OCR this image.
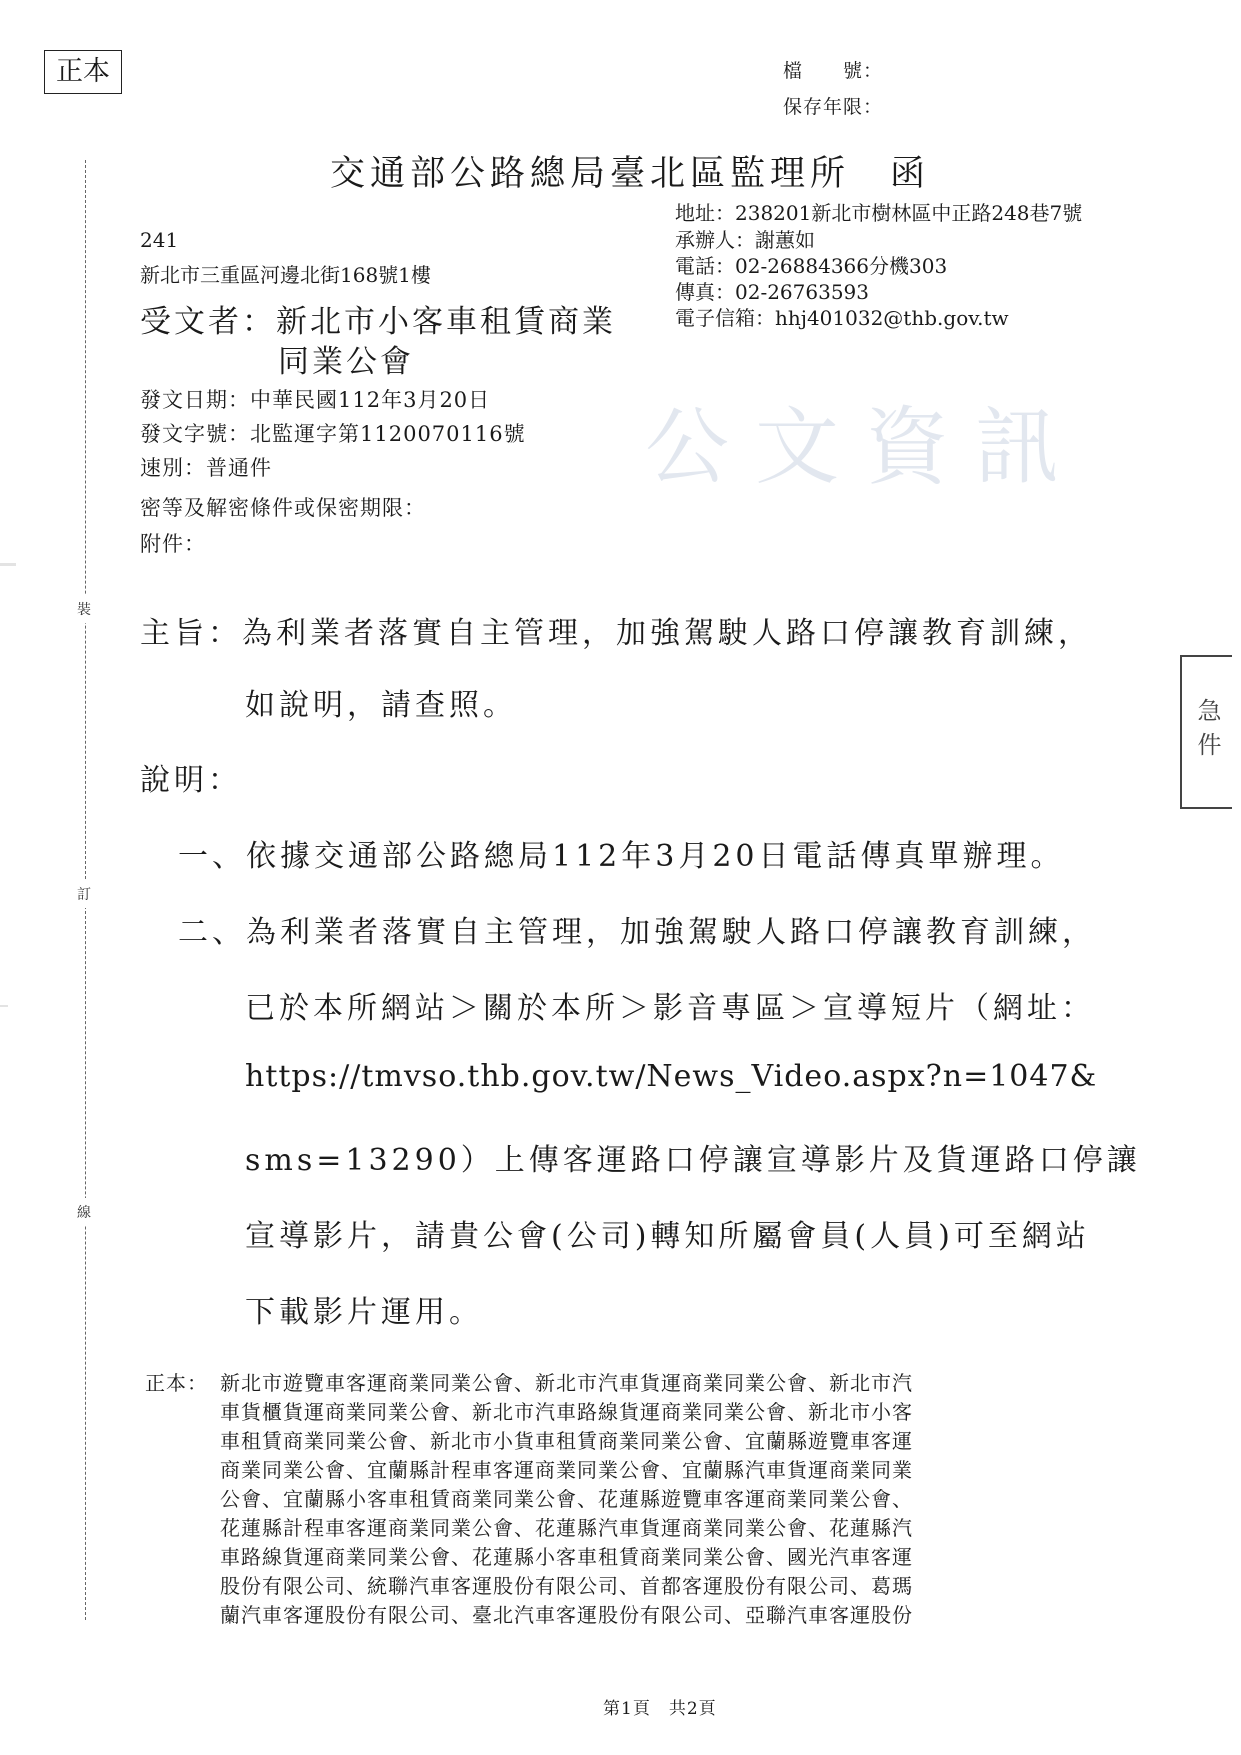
正本	檔　　號：
保存年限：
交通部公路總局臺北區監理所　函
裝
訂
線
地址：238201新北市樹林區中正路248巷7號
承辦人：謝蕙如
電話：02-26884366分機303
傳真：02-26763593
電子信箱：hhj401032@thb.gov.tw
241
新北市三重區河邊北街168號1樓
受文者：新北市小客車租賃商業
同業公會
公文資訊
發文日期：中華民國112年3月20日
發文字號：北監運字第1120070116號
速別：普通件
密等及解密條件或保密期限：
附件：
急件
主旨：為利業者落實自主管理，加強駕駛人路口停讓教育訓練，
如說明，請查照。
說明：
一、依據交通部公路總局112年3月20日電話傳真單辦理。
二、為利業者落實自主管理，加強駕駛人路口停讓教育訓練，
已於本所網站＞關於本所＞影音專區＞宣導短片（網址：
https://tmvso.thb.gov.tw/News_Video.aspx?n=1047&
sms=13290）上傳客運路口停讓宣導影片及貨運路口停讓
宣導影片，請貴公會(公司)轉知所屬會員(人員)可至網站
下載影片運用。
正本： 新北市遊覽車客運商業同業公會、新北市汽車貨運商業同業公會、新北市汽
車貨櫃貨運商業同業公會、新北市汽車路線貨運商業同業公會、新北市小客
車租賃商業同業公會、新北市小貨車租賃商業同業公會、宜蘭縣遊覽車客運
商業同業公會、宜蘭縣計程車客運商業同業公會、宜蘭縣汽車貨運商業同業
公會、宜蘭縣小客車租賃商業同業公會、花蓮縣遊覽車客運商業同業公會、
花蓮縣計程車客運商業同業公會、花蓮縣汽車貨運商業同業公會、花蓮縣汽
車路線貨運商業同業公會、花蓮縣小客車租賃商業同業公會、國光汽車客運
股份有限公司、統聯汽車客運股份有限公司、首都客運股份有限公司、葛瑪
蘭汽車客運股份有限公司、臺北汽車客運股份有限公司、亞聯汽車客運股份
第1頁　共2頁
